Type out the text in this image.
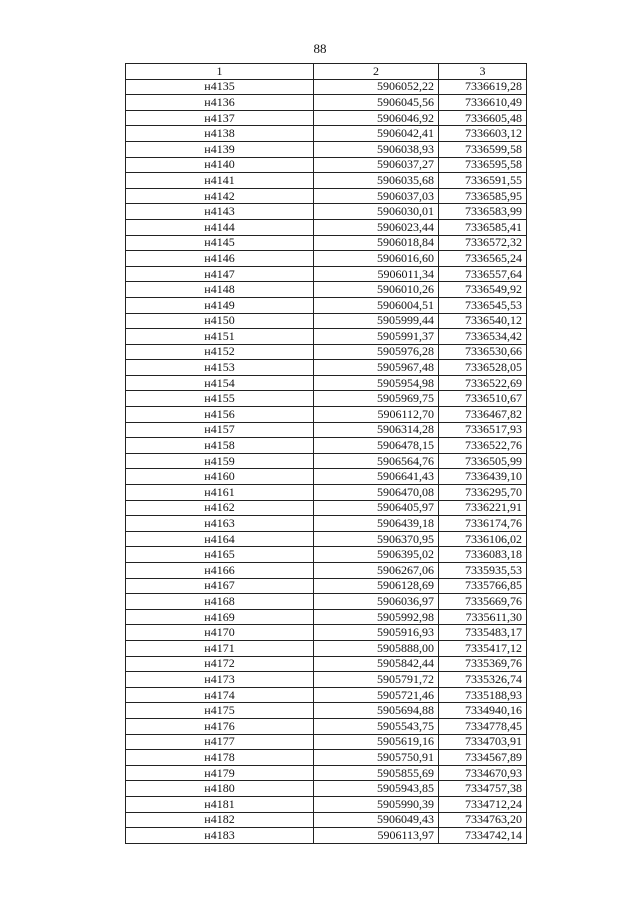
88
1	2	3
н4135	5906052,22	7336619,28
н4136	5906045,56	7336610,49
н4137	5906046,92	7336605,48
н4138	5906042,41	7336603,12
н4139	5906038,93	7336599,58
н4140	5906037,27	7336595,58
н4141	5906035,68	7336591,55
н4142	5906037,03	7336585,95
н4143	5906030,01	7336583,99
н4144	5906023,44	7336585,41
н4145	5906018,84	7336572,32
н4146	5906016,60	7336565,24
н4147	5906011,34	7336557,64
н4148	5906010,26	7336549,92
н4149	5906004,51	7336545,53
н4150	5905999,44	7336540,12
н4151	5905991,37	7336534,42
н4152	5905976,28	7336530,66
н4153	5905967,48	7336528,05
н4154	5905954,98	7336522,69
н4155	5905969,75	7336510,67
н4156	5906112,70	7336467,82
н4157	5906314,28	7336517,93
н4158	5906478,15	7336522,76
н4159	5906564,76	7336505,99
н4160	5906641,43	7336439,10
н4161	5906470,08	7336295,70
н4162	5906405,97	7336221,91
н4163	5906439,18	7336174,76
н4164	5906370,95	7336106,02
н4165	5906395,02	7336083,18
н4166	5906267,06	7335935,53
н4167	5906128,69	7335766,85
н4168	5906036,97	7335669,76
н4169	5905992,98	7335611,30
н4170	5905916,93	7335483,17
н4171	5905888,00	7335417,12
н4172	5905842,44	7335369,76
н4173	5905791,72	7335326,74
н4174	5905721,46	7335188,93
н4175	5905694,88	7334940,16
н4176	5905543,75	7334778,45
н4177	5905619,16	7334703,91
н4178	5905750,91	7334567,89
н4179	5905855,69	7334670,93
н4180	5905943,85	7334757,38
н4181	5905990,39	7334712,24
н4182	5906049,43	7334763,20
н4183	5906113,97	7334742,14
